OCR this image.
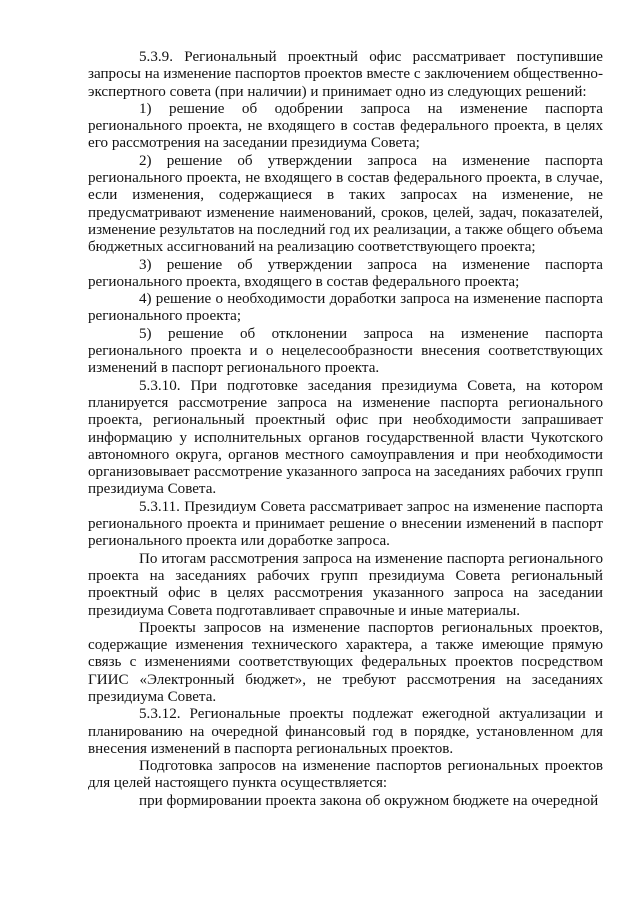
5.3.9. Региональный проектный офис рассматривает поступившие запросы на изменение паспортов проектов вместе с заключением общественно-экспертного совета (при наличии) и принимает одно из следующих решений:

1) решение об одобрении запроса на изменение паспорта регионального проекта, не входящего в состав федерального проекта, в целях его рассмотрения на заседании президиума Совета;

2) решение об утверждении запроса на изменение паспорта регионального проекта, не входящего в состав федерального проекта, в случае, если изменения, содержащиеся в таких запросах на изменение, не предусматривают изменение наименований, сроков, целей, задач, показателей, изменение результатов на последний год их реализации, а также общего объема бюджетных ассигнований на реализацию соответствующего проекта;

3) решение об утверждении запроса на изменение паспорта регионального проекта, входящего в состав федерального проекта;

4) решение о необходимости доработки запроса на изменение паспорта регионального проекта;

5) решение об отклонении запроса на изменение паспорта регионального проекта и о нецелесообразности внесения соответствующих изменений в паспорт регионального проекта.

5.3.10. При подготовке заседания президиума Совета, на котором планируется рассмотрение запроса на изменение паспорта регионального проекта, региональный проектный офис при необходимости запрашивает информацию у исполнительных органов государственной власти Чукотского автономного округа, органов местного самоуправления и при необходимости организовывает рассмотрение указанного запроса на заседаниях рабочих групп президиума Совета.

5.3.11. Президиум Совета рассматривает запрос на изменение паспорта регионального проекта и принимает решение о внесении изменений в паспорт регионального проекта или доработке запроса.

По итогам рассмотрения запроса на изменение паспорта регионального проекта на заседаниях рабочих групп президиума Совета региональный проектный офис в целях рассмотрения указанного запроса на заседании президиума Совета подготавливает справочные и иные материалы.

Проекты запросов на изменение паспортов региональных проектов, содержащие изменения технического характера, а также имеющие прямую связь с изменениями соответствующих федеральных проектов посредством ГИИС «Электронный бюджет», не требуют рассмотрения на заседаниях президиума Совета.

5.3.12. Региональные проекты подлежат ежегодной актуализации и планированию на очередной финансовый год в порядке, установленном для внесения изменений в паспорта региональных проектов.

Подготовка запросов на изменение паспортов региональных проектов для целей настоящего пункта осуществляется:

при формировании проекта закона об окружном бюджете на очередной
